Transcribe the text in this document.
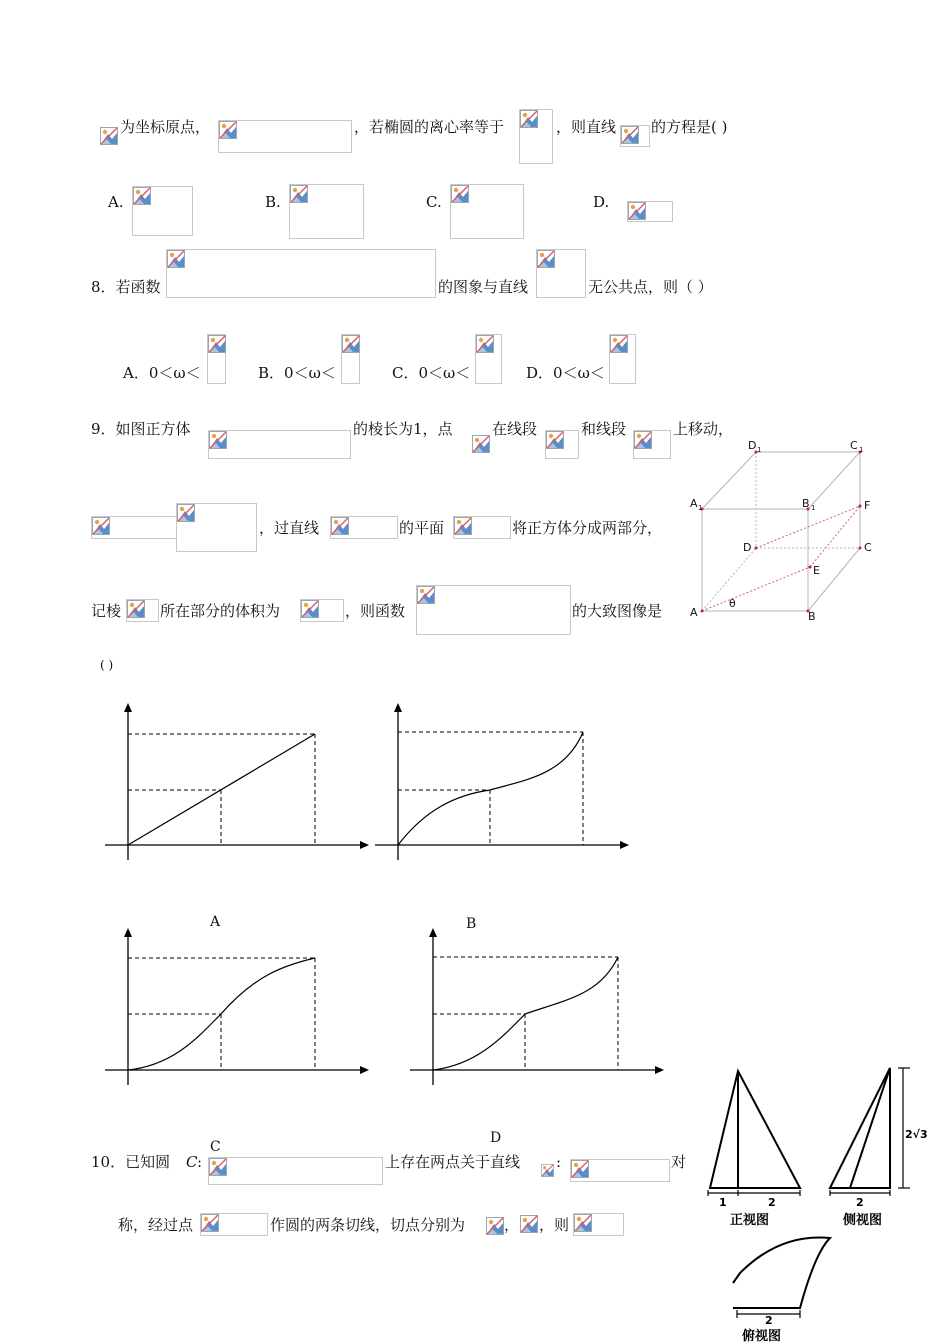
为坐标原点，	，若椭圆的离心率等于	，则直线 的方程是( )
A.	B.	C.	D.
8．若函数	的图象与直线	无公共点，则（ ）
A．0＜ω＜	B．0＜ω＜	C．0＜ω＜	D．0＜ω＜
9．如图正方体	的棱长为1，点	在线段	和线段	上移动，
，过直线	的平面	将正方体分成两部分，
记棱	所在部分的体积为	，则函数	的大致图像是
( )
D 1	C 1
A 1	B 1	F
D	C
E
A	B
θ
A	B
C
D
10．已知圆 C :	上存在两点关于直线 :	对
称，经过点	作圆的两条切线，切点分别为	， ，则
1	2	2
2√3
2
正视图	侧视图
俯视图
